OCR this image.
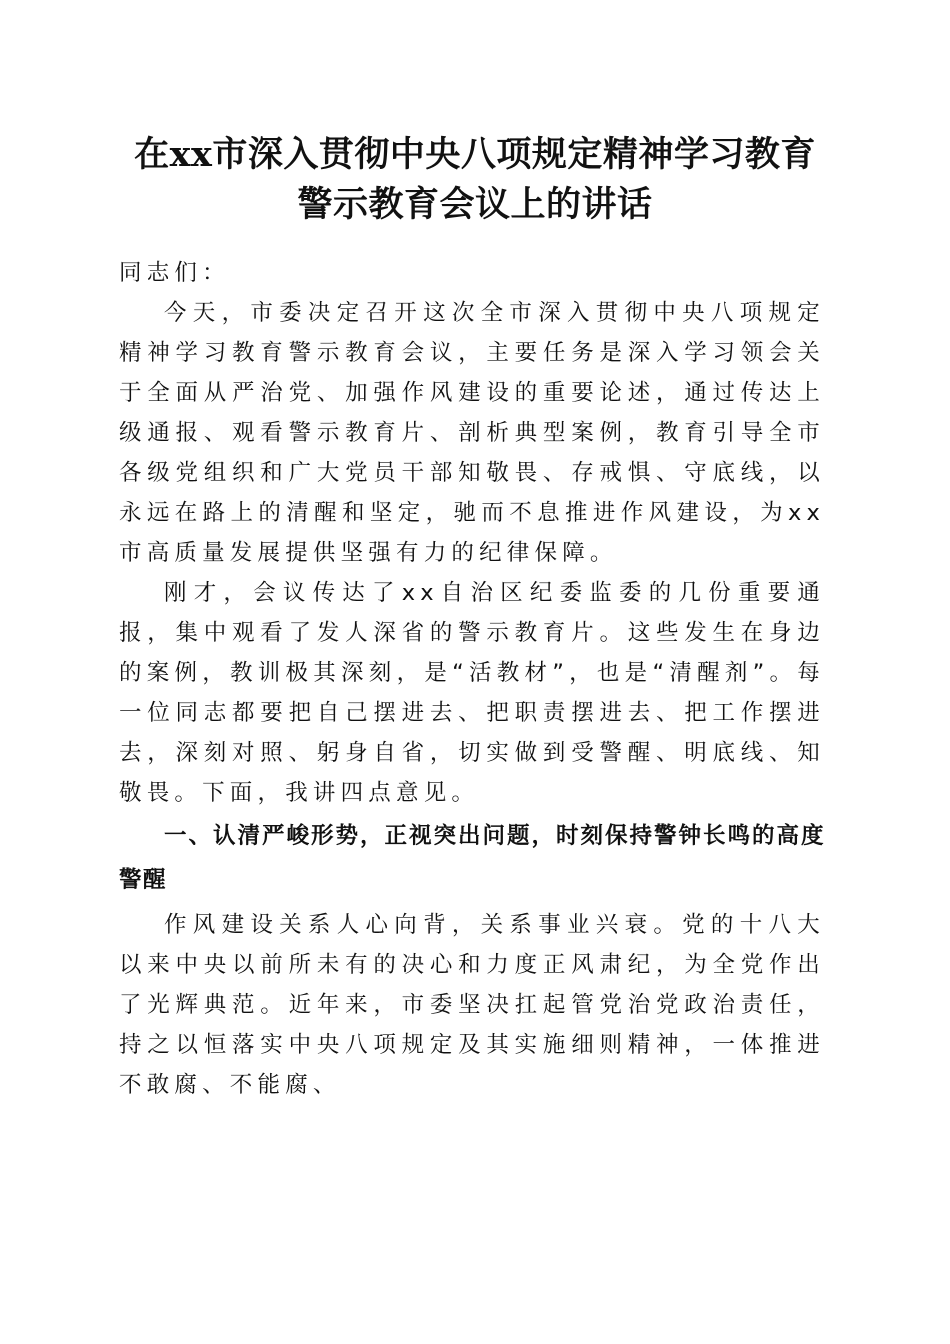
在xx市深入贯彻中央八项规定精神学习教育
警示教育会议上的讲话

同志们：

今天，市委决定召开这次全市深入贯彻中央八项规定精神学习教育警示教育会议，主要任务是深入学习领会关于全面从严治党、加强作风建设的重要论述，通过传达上级通报、观看警示教育片、剖析典型案例，教育引导全市各级党组织和广大党员干部知敬畏、存戒惧、守底线，以永远在路上的清醒和坚定，驰而不息推进作风建设，为xx市高质量发展提供坚强有力的纪律保障。

刚才，会议传达了xx自治区纪委监委的几份重要通报，集中观看了发人深省的警示教育片。这些发生在身边的案例，教训极其深刻，是“活教材”，也是“清醒剂”。每一位同志都要把自己摆进去、把职责摆进去、把工作摆进去，深刻对照、躬身自省，切实做到受警醒、明底线、知敬畏。下面，我讲四点意见。

一、认清严峻形势，正视突出问题，时刻保持警钟长鸣的高度警醒

作风建设关系人心向背，关系事业兴衰。党的十八大以来中央以前所未有的决心和力度正风肃纪，为全党作出了光辉典范。近年来，市委坚决扛起管党治党政治责任，持之以恒落实中央八项规定及其实施细则精神，一体推进不敢腐、不能腐、
